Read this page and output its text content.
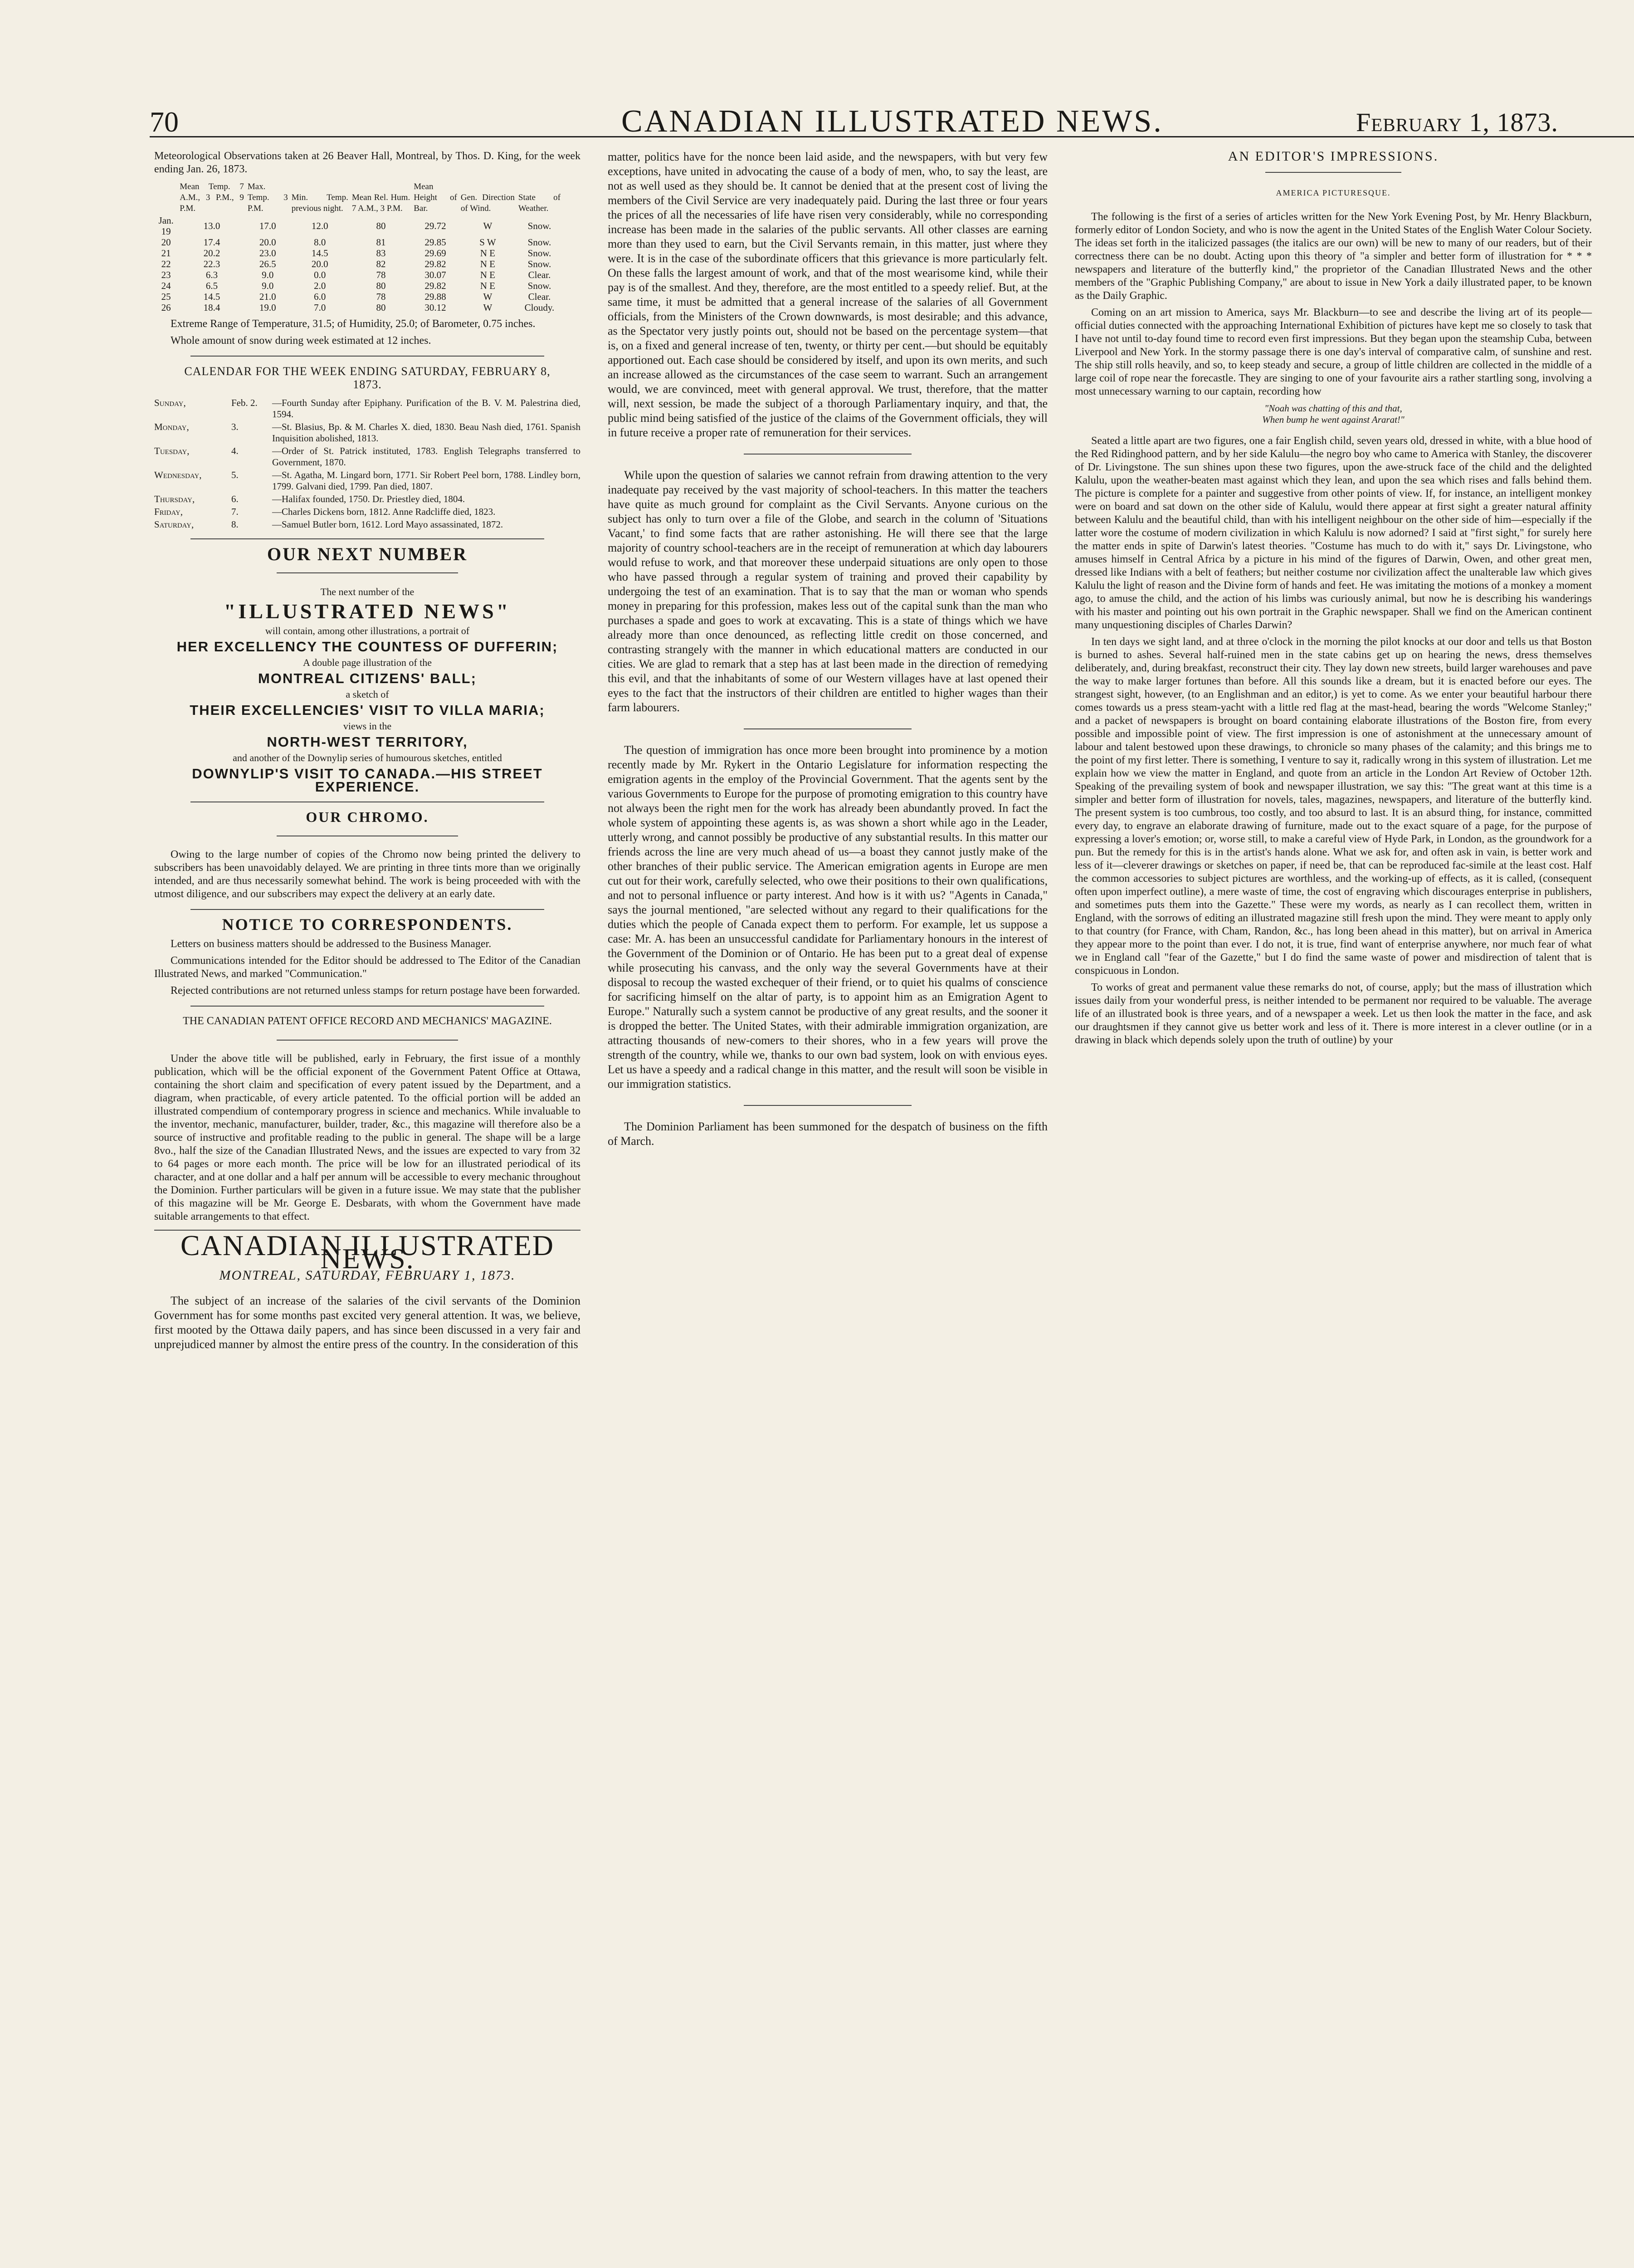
70	CANADIAN ILLUSTRATED NEWS.	February 1, 1873.

Meteorological Observations taken at 26 Beaver Hall, Montreal, by Thos. D. King, for the week ending Jan. 26, 1873.

	Mean Temp. 7 A.M., 3 P.M., 9 P.M.	Max. Temp. 3 P.M.	Min. Temp. previous night.	Mean Rel. Hum. 7 A.M., 3 P.M.	Mean Height of Bar.	Gen. Direction of Wind.	State of Weather.
Jan. 19	13.0	17.0	12.0	80	29.72	W	Snow.
20	17.4	20.0	8.0	81	29.85	S W	Snow.
21	20.2	23.0	14.5	83	29.69	N E	Snow.
22	22.3	26.5	20.0	82	29.82	N E	Snow.
23	6.3	9.0	0.0	78	30.07	N E	Clear.
24	6.5	9.0	2.0	80	29.82	N E	Snow.
25	14.5	21.0	6.0	78	29.88	W	Clear.
26	18.4	19.0	7.0	80	30.12	W	Cloudy.

Extreme Range of Temperature, 31.5; of Humidity, 25.0; of Barometer, 0.75 inches.

Whole amount of snow during week estimated at 12 inches.

CALENDAR FOR THE WEEK ENDING SATURDAY, FEBRUARY 8, 1873.

Sunday,	Feb. 2.	—Fourth Sunday after Epiphany. Purification of the B. V. M. Palestrina died, 1594.
Monday,	3.	—St. Blasius, Bp. & M. Charles X. died, 1830. Beau Nash died, 1761. Spanish Inquisition abolished, 1813.
Tuesday,	4.	—Order of St. Patrick instituted, 1783. English Telegraphs transferred to Government, 1870.
Wednesday,	5.	—St. Agatha, M. Lingard born, 1771. Sir Robert Peel born, 1788. Lindley born, 1799. Galvani died, 1799. Pan died, 1807.
Thursday,	6.	—Halifax founded, 1750. Dr. Priestley died, 1804.
Friday,	7.	—Charles Dickens born, 1812. Anne Radcliffe died, 1823.
Saturday,	8.	—Samuel Butler born, 1612. Lord Mayo assassinated, 1872.
OUR NEXT NUMBER
The next number of the
"ILLUSTRATED NEWS"
will contain, among other illustrations, a portrait of
HER EXCELLENCY THE COUNTESS OF DUFFERIN;
A double page illustration of the
MONTREAL CITIZENS' BALL;
a sketch of
THEIR EXCELLENCIES' VISIT TO VILLA MARIA;
views in the
NORTH-WEST TERRITORY,
and another of the Downylip series of humourous sketches, entitled
DOWNYLIP'S VISIT TO CANADA.—HIS STREET EXPERIENCE.
OUR CHROMO.

Owing to the large number of copies of the Chromo now being printed the delivery to subscribers has been unavoidably delayed. We are printing in three tints more than we originally intended, and are thus necessarily somewhat behind. The work is being proceeded with with the utmost diligence, and our subscribers may expect the delivery at an early date.

NOTICE TO CORRESPONDENTS.

Letters on business matters should be addressed to the Business Manager.

Communications intended for the Editor should be addressed to The Editor of the Canadian Illustrated News, and marked "Communication."

Rejected contributions are not returned unless stamps for return postage have been forwarded.

THE CANADIAN PATENT OFFICE RECORD AND MECHANICS' MAGAZINE.

Under the above title will be published, early in February, the first issue of a monthly publication, which will be the official exponent of the Government Patent Office at Ottawa, containing the short claim and specification of every patent issued by the Department, and a diagram, when practicable, of every article patented. To the official portion will be added an illustrated compendium of contemporary progress in science and mechanics. While invaluable to the inventor, mechanic, manufacturer, builder, trader, &c., this magazine will therefore also be a source of instructive and profitable reading to the public in general. The shape will be a large 8vo., half the size of the Canadian Illustrated News, and the issues are expected to vary from 32 to 64 pages or more each month. The price will be low for an illustrated periodical of its character, and at one dollar and a half per annum will be accessible to every mechanic throughout the Dominion. Further particulars will be given in a future issue. We may state that the publisher of this magazine will be Mr. George E. Desbarats, with whom the Government have made suitable arrangements to that effect.

CANADIAN ILLUSTRATED NEWS.
MONTREAL, SATURDAY, FEBRUARY 1, 1873.

The subject of an increase of the salaries of the civil servants of the Dominion Government has for some months past excited very general attention. It was, we believe, first mooted by the Ottawa daily papers, and has since been discussed in a very fair and unprejudiced manner by almost the entire press of the country. In the consideration of this

matter, politics have for the nonce been laid aside, and the newspapers, with but very few exceptions, have united in advocating the cause of a body of men, who, to say the least, are not as well used as they should be. It cannot be denied that at the present cost of living the members of the Civil Service are very inadequately paid. During the last three or four years the prices of all the necessaries of life have risen very considerably, while no corresponding increase has been made in the salaries of the public servants. All other classes are earning more than they used to earn, but the Civil Servants remain, in this matter, just where they were. It is in the case of the subordinate officers that this grievance is more particularly felt. On these falls the largest amount of work, and that of the most wearisome kind, while their pay is of the smallest. And they, therefore, are the most entitled to a speedy relief. But, at the same time, it must be admitted that a general increase of the salaries of all Government officials, from the Ministers of the Crown downwards, is most desirable; and this advance, as the Spectator very justly points out, should not be based on the percentage system—that is, on a fixed and general increase of ten, twenty, or thirty per cent.—but should be equitably apportioned out. Each case should be considered by itself, and upon its own merits, and such an increase allowed as the circumstances of the case seem to warrant. Such an arrangement would, we are convinced, meet with general approval. We trust, therefore, that the matter will, next session, be made the subject of a thorough Parliamentary inquiry, and that, the public mind being satisfied of the justice of the claims of the Government officials, they will in future receive a proper rate of remuneration for their services.

While upon the question of salaries we cannot refrain from drawing attention to the very inadequate pay received by the vast majority of school-teachers. In this matter the teachers have quite as much ground for complaint as the Civil Servants. Anyone curious on the subject has only to turn over a file of the Globe, and search in the column of 'Situations Vacant,' to find some facts that are rather astonishing. He will there see that the large majority of country school-teachers are in the receipt of remuneration at which day labourers would refuse to work, and that moreover these underpaid situations are only open to those who have passed through a regular system of training and proved their capability by undergoing the test of an examination. That is to say that the man or woman who spends money in preparing for this profession, makes less out of the capital sunk than the man who purchases a spade and goes to work at excavating. This is a state of things which we have already more than once denounced, as reflecting little credit on those concerned, and contrasting strangely with the manner in which educational matters are conducted in our cities. We are glad to remark that a step has at last been made in the direction of remedying this evil, and that the inhabitants of some of our Western villages have at last opened their eyes to the fact that the instructors of their children are entitled to higher wages than their farm labourers.

The question of immigration has once more been brought into prominence by a motion recently made by Mr. Rykert in the Ontario Legislature for information respecting the emigration agents in the employ of the Provincial Government. That the agents sent by the various Governments to Europe for the purpose of promoting emigration to this country have not always been the right men for the work has already been abundantly proved. In fact the whole system of appointing these agents is, as was shown a short while ago in the Leader, utterly wrong, and cannot possibly be productive of any substantial results. In this matter our friends across the line are very much ahead of us—a boast they cannot justly make of the other branches of their public service. The American emigration agents in Europe are men cut out for their work, carefully selected, who owe their positions to their own qualifications, and not to personal influence or party interest. And how is it with us? "Agents in Canada," says the journal mentioned, "are selected without any regard to their qualifications for the duties which the people of Canada expect them to perform. For example, let us suppose a case: Mr. A. has been an unsuccessful candidate for Parliamentary honours in the interest of the Government of the Dominion or of Ontario. He has been put to a great deal of expense while prosecuting his canvass, and the only way the several Governments have at their disposal to recoup the wasted exchequer of their friend, or to quiet his qualms of conscience for sacrificing himself on the altar of party, is to appoint him as an Emigration Agent to Europe." Naturally such a system cannot be productive of any great results, and the sooner it is dropped the better. The United States, with their admirable immigration organization, are attracting thousands of new-comers to their shores, who in a few years will prove the strength of the country, while we, thanks to our own bad system, look on with envious eyes. Let us have a speedy and a radical change in this matter, and the result will soon be visible in our immigration statistics.

The Dominion Parliament has been summoned for the despatch of business on the fifth of March.

AN EDITOR'S IMPRESSIONS.
AMERICA PICTURESQUE.

The following is the first of a series of articles written for the New York Evening Post, by Mr. Henry Blackburn, formerly editor of London Society, and who is now the agent in the United States of the English Water Colour Society. The ideas set forth in the italicized passages (the italics are our own) will be new to many of our readers, but of their correctness there can be no doubt. Acting upon this theory of "a simpler and better form of illustration for * * * newspapers and literature of the butterfly kind," the proprietor of the Canadian Illustrated News and the other members of the "Graphic Publishing Company," are about to issue in New York a daily illustrated paper, to be known as the Daily Graphic.

Coming on an art mission to America, says Mr. Blackburn—to see and describe the living art of its people—official duties connected with the approaching International Exhibition of pictures have kept me so closely to task that I have not until to-day found time to record even first impressions. But they began upon the steamship Cuba, between Liverpool and New York. In the stormy passage there is one day's interval of comparative calm, of sunshine and rest. The ship still rolls heavily, and so, to keep steady and secure, a group of little children are collected in the middle of a large coil of rope near the forecastle. They are singing to one of your favourite airs a rather startling song, involving a most unnecessary warning to our captain, recording how

"Noah was chatting of this and that,
When bump he went against Ararat!"

Seated a little apart are two figures, one a fair English child, seven years old, dressed in white, with a blue hood of the Red Ridinghood pattern, and by her side Kalulu—the negro boy who came to America with Stanley, the discoverer of Dr. Livingstone. The sun shines upon these two figures, upon the awe-struck face of the child and the delighted Kalulu, upon the weather-beaten mast against which they lean, and upon the sea which rises and falls behind them. The picture is complete for a painter and suggestive from other points of view. If, for instance, an intelligent monkey were on board and sat down on the other side of Kalulu, would there appear at first sight a greater natural affinity between Kalulu and the beautiful child, than with his intelligent neighbour on the other side of him—especially if the latter wore the costume of modern civilization in which Kalulu is now adorned? I said at "first sight," for surely here the matter ends in spite of Darwin's latest theories. "Costume has much to do with it," says Dr. Livingstone, who amuses himself in Central Africa by a picture in his mind of the figures of Darwin, Owen, and other great men, dressed like Indians with a belt of feathers; but neither costume nor civilization affect the unalterable law which gives Kalulu the light of reason and the Divine form of hands and feet. He was imitating the motions of a monkey a moment ago, to amuse the child, and the action of his limbs was curiously animal, but now he is describing his wanderings with his master and pointing out his own portrait in the Graphic newspaper. Shall we find on the American continent many unquestioning disciples of Charles Darwin?

In ten days we sight land, and at three o'clock in the morning the pilot knocks at our door and tells us that Boston is burned to ashes. Several half-ruined men in the state cabins get up on hearing the news, dress themselves deliberately, and, during breakfast, reconstruct their city. They lay down new streets, build larger warehouses and pave the way to make larger fortunes than before. All this sounds like a dream, but it is enacted before our eyes. The strangest sight, however, (to an Englishman and an editor,) is yet to come. As we enter your beautiful harbour there comes towards us a press steam-yacht with a little red flag at the mast-head, bearing the words "Welcome Stanley;" and a packet of newspapers is brought on board containing elaborate illustrations of the Boston fire, from every possible and impossible point of view. The first impression is one of astonishment at the unnecessary amount of labour and talent bestowed upon these drawings, to chronicle so many phases of the calamity; and this brings me to the point of my first letter. There is something, I venture to say it, radically wrong in this system of illustration. Let me explain how we view the matter in England, and quote from an article in the London Art Review of October 12th. Speaking of the prevailing system of book and newspaper illustration, we say this: "The great want at this time is a simpler and better form of illustration for novels, tales, magazines, newspapers, and literature of the butterfly kind. The present system is too cumbrous, too costly, and too absurd to last. It is an absurd thing, for instance, committed every day, to engrave an elaborate drawing of furniture, made out to the exact square of a page, for the purpose of expressing a lover's emotion; or, worse still, to make a careful view of Hyde Park, in London, as the groundwork for a pun. But the remedy for this is in the artist's hands alone. What we ask for, and often ask in vain, is better work and less of it—cleverer drawings or sketches on paper, if need be, that can be reproduced fac-simile at the least cost. Half the common accessories to subject pictures are worthless, and the working-up of effects, as it is called, (consequent often upon imperfect outline), a mere waste of time, the cost of engraving which discourages enterprise in publishers, and sometimes puts them into the Gazette." These were my words, as nearly as I can recollect them, written in England, with the sorrows of editing an illustrated magazine still fresh upon the mind. They were meant to apply only to that country (for France, with Cham, Randon, &c., has long been ahead in this matter), but on arrival in America they appear more to the point than ever. I do not, it is true, find want of enterprise anywhere, nor much fear of what we in England call "fear of the Gazette," but I do find the same waste of power and misdirection of talent that is conspicuous in London.

To works of great and permanent value these remarks do not, of course, apply; but the mass of illustration which issues daily from your wonderful press, is neither intended to be permanent nor required to be valuable. The average life of an illustrated book is three years, and of a newspaper a week. Let us then look the matter in the face, and ask our draughtsmen if they cannot give us better work and less of it. There is more interest in a clever outline (or in a drawing in black which depends solely upon the truth of outline) by your
